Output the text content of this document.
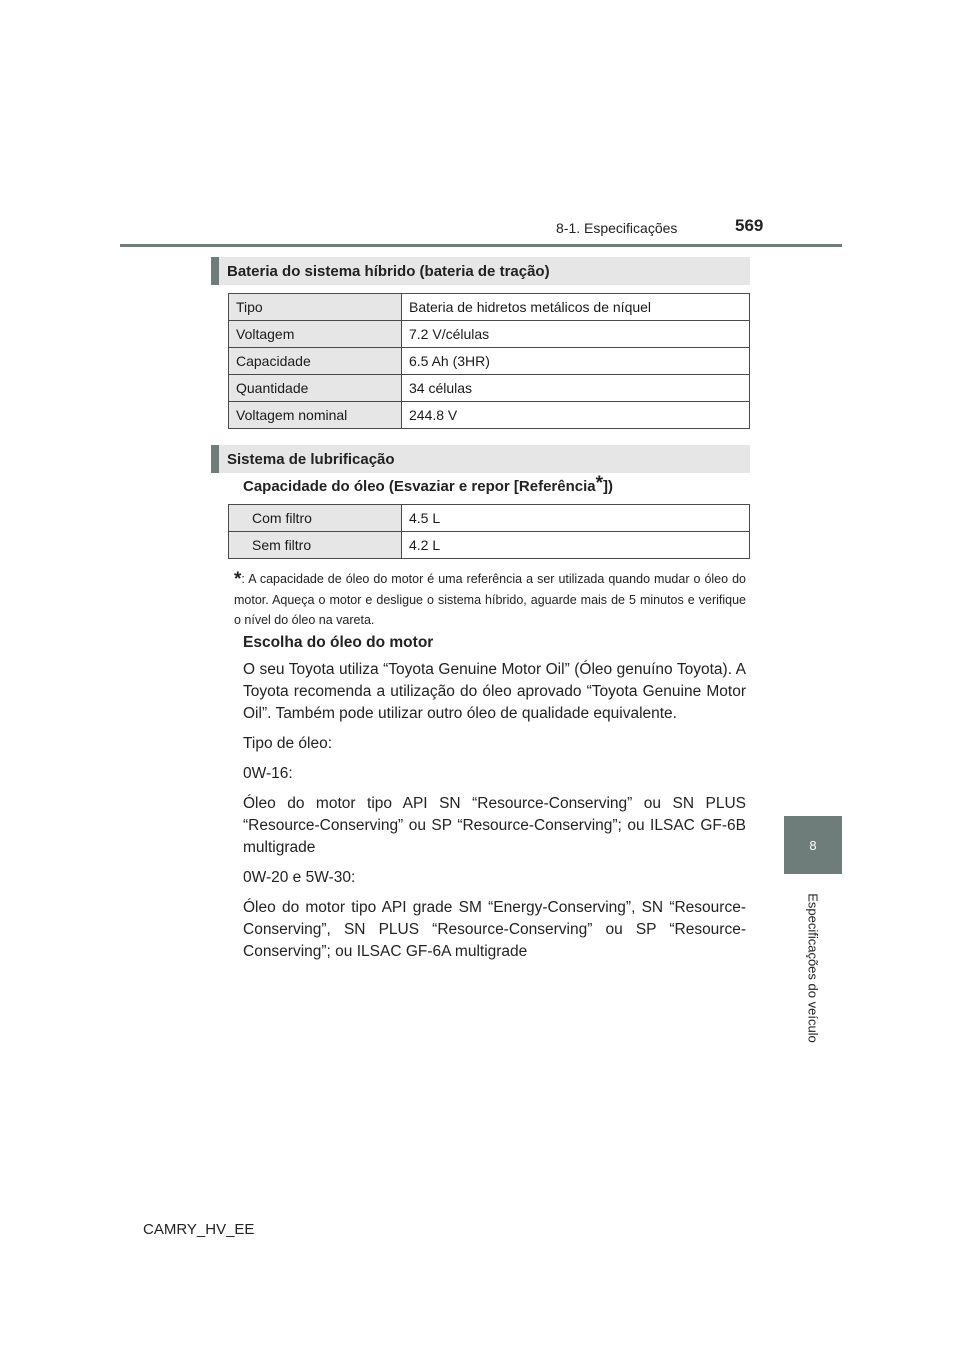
8-1. Especificações	569
8
Especificações do veículo
Bateria do sistema híbrido (bateria de tração)
Tipo	Bateria de hidretos metálicos de níquel
Voltagem	7.2 V/células
Capacidade	6.5 Ah (3HR)
Quantidade	34 células
Voltagem nominal	244.8 V
Sistema de lubrificação
Capacidade do óleo (Esvaziar e repor [Referência*])
Com filtro	4.5 L
Sem filtro	4.2 L
*: A capacidade de óleo do motor é uma referência a ser utilizada quando mudar o óleo do motor. Aqueça o motor e desligue o sistema híbrido, aguarde mais de 5 minutos e verifique o nível do óleo na vareta.
Escolha do óleo do motor

O seu Toyota utiliza “Toyota Genuine Motor Oil” (Óleo genuíno Toyota). A Toyota recomenda a utilização do óleo aprovado “Toyota Genuine Motor Oil”. Também pode utilizar outro óleo de qualidade equivalente.

Tipo de óleo:

0W-16:

Óleo do motor tipo API SN “Resource-Conserving” ou SN PLUS “Resource-Conserving” ou SP “Resource-Conserving”; ou ILSAC GF-6B multigrade

0W-20 e 5W-30:

Óleo do motor tipo API grade SM “Energy-Conserving”, SN “Resource-Conserving”, SN PLUS “Resource-Conserving” ou SP “Resource-Conserving”; ou ILSAC GF-6A multigrade

CAMRY_HV_EE
